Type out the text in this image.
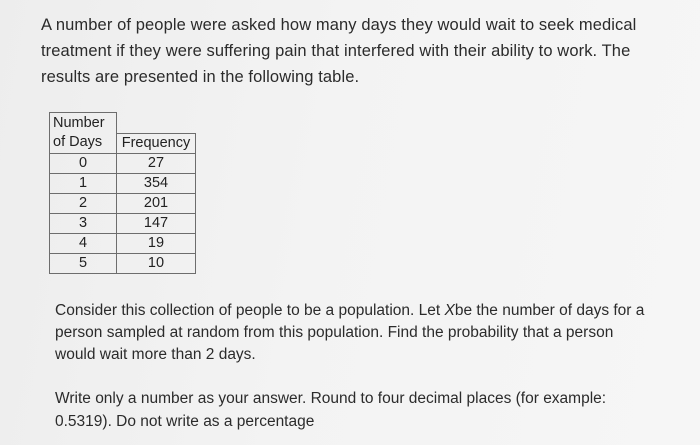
A number of people were asked how many days they would wait to seek medical treatment if they were suffering pain that interfered with their ability to work. The results are presented in the following table.

Number	
of Days	Frequency
0	27
1	354
2	201
3	147
4	19
5	10

Consider this collection of people to be a population. Let Xbe the number of days for a person sampled at random from this population. Find the probability that a person would wait more than 2 days.

Write only a number as your answer. Round to four decimal places (for example: 0.5319). Do not write as a percentage
